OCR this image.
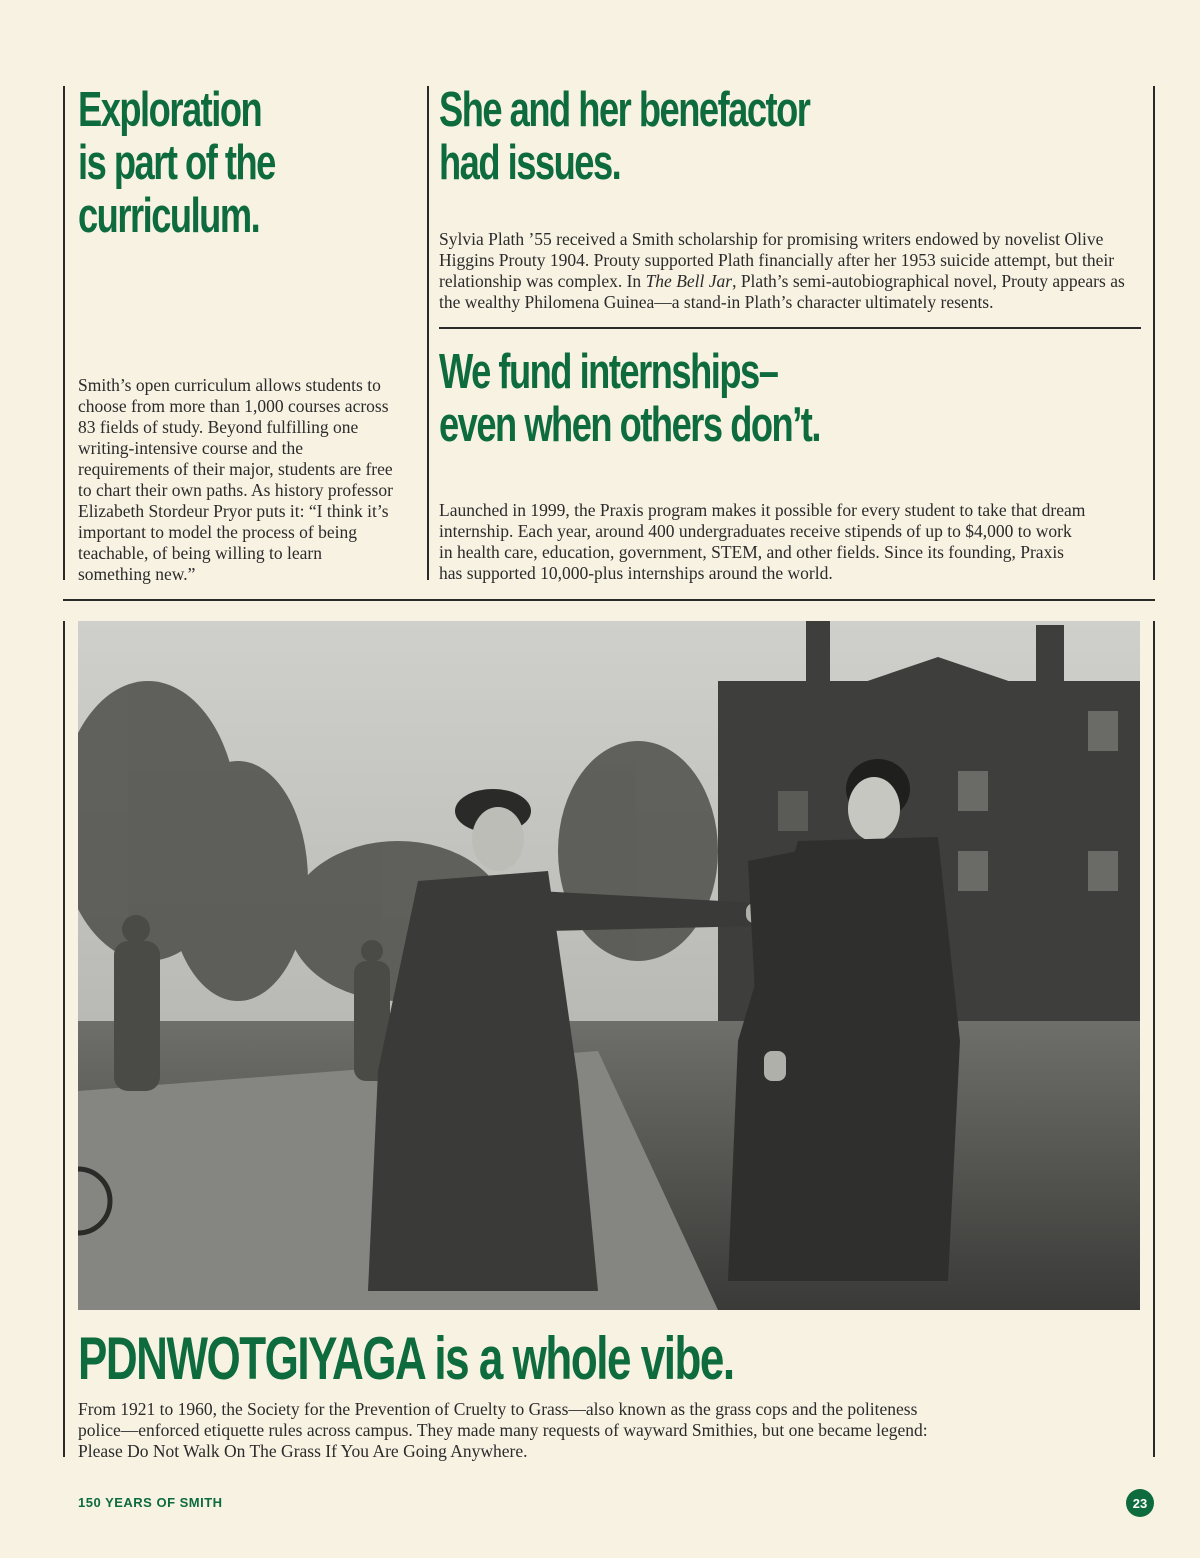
Exploration
is part of the
curriculum.

Smith’s open curriculum allows students to choose from more than 1,000 courses across 83 fields of study. Beyond fulfilling one writing-intensive course and the requirements of their major, students are free to chart their own paths. As history professor Elizabeth Stordeur Pryor puts it: “I think it’s important to model the process of being teachable, of being willing to learn something new.”

She and her benefactor
had issues.

Sylvia Plath ’55 received a Smith scholarship for promising writers endowed by novelist Olive Higgins Prouty 1904. Prouty supported Plath financially after her 1953 suicide attempt, but their relationship was complex. In The Bell Jar, Plath’s semi-autobiographical novel, Prouty appears as the wealthy Philomena Guinea—a stand-in Plath’s character ultimately resents.

We fund internships–
even when others don’t.

Launched in 1999, the Praxis program makes it possible for every student to take that dream internship. Each year, around 400 undergraduates receive stipends of up to $4,000 to work in health care, education, government, STEM, and other fields. Since its founding, Praxis has supported 10,000-plus internships around the world.

PDNWOTGIYAGA is a whole vibe.

From 1921 to 1960, the Society for the Prevention of Cruelty to Grass—also known as the grass cops and the politeness police—enforced etiquette rules across campus. They made many requests of wayward Smithies, but one became legend: Please Do Not Walk On The Grass If You Are Going Anywhere.

150 YEARS OF SMITH	23
